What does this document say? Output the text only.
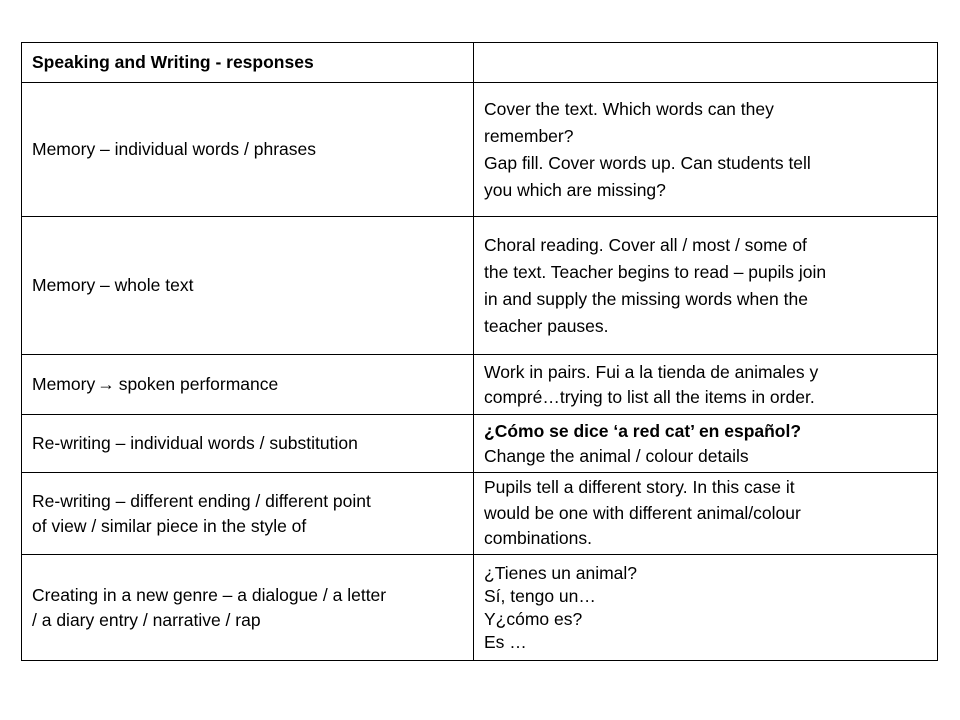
Speaking and Writing - responses	
Memory – individual words / phrases	Cover the text. Which words can they
remember?
Gap fill. Cover words up. Can students tell
you which are missing?

Memory – whole text	Choral reading. Cover all / most / some of
the text. Teacher begins to read – pupils join
in and supply the missing words when the
teacher pauses.

Memory → spoken performance	Work in pairs. Fui a la tienda de animales y
compré…trying to list all the items in order.

Re-writing – individual words / substitution	¿Cómo se dice ‘a red cat’ en español?
Change the animal / colour details

Re-writing – different ending / different point
of view / similar piece in the style of	Pupils tell a different story. In this case it
would be one with different animal/colour
combinations.

Creating in a new genre – a dialogue / a letter
/ a diary entry / narrative / rap	¿Tienes un animal?
Sí, tengo un…
Y¿cómo es?
Es …
